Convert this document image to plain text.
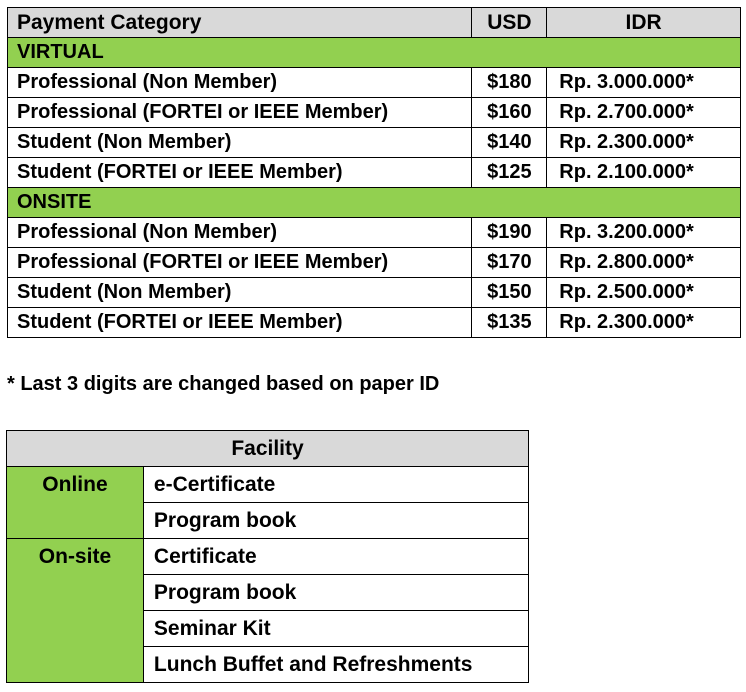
Payment Category	USD	IDR
VIRTUAL		
Professional (Non Member)	$180	Rp. 3.000.000*
Professional (FORTEI or IEEE Member)	$160	Rp. 2.700.000*
Student (Non Member)	$140	Rp. 2.300.000*
Student (FORTEI or IEEE Member)	$125	Rp. 2.100.000*
ONSITE		
Professional (Non Member)	$190	Rp. 3.200.000*
Professional (FORTEI or IEEE Member)	$170	Rp. 2.800.000*
Student (Non Member)	$150	Rp. 2.500.000*
Student (FORTEI or IEEE Member)	$135	Rp. 2.300.000*
* Last 3 digits are changed based on paper ID
Facility	
Online	e-Certificate
	Program book
On-site	Certificate
	Program book
	Seminar Kit
	Lunch Buffet and Refreshments
